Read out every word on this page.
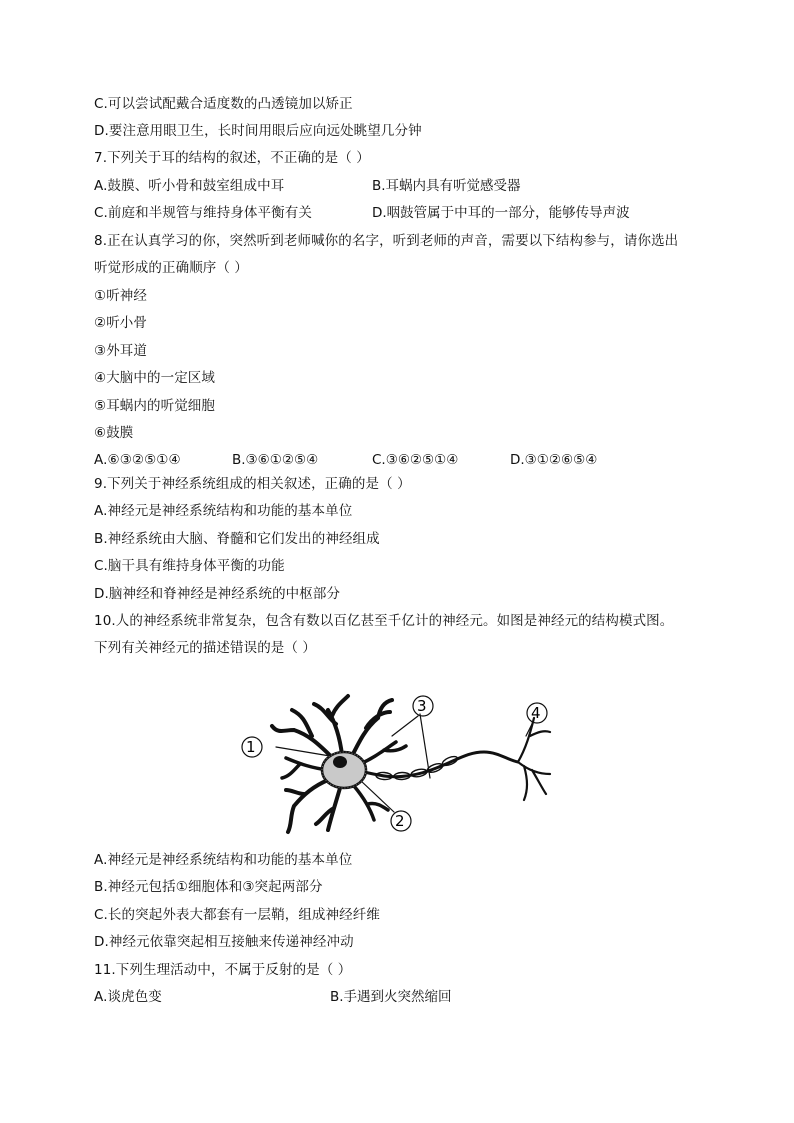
C.可以尝试配戴合适度数的凸透镜加以矫正
D.要注意用眼卫生，长时间用眼后应向远处眺望几分钟
7.下列关于耳的结构的叙述，不正确的是（ ）
A.鼓膜、听小骨和鼓室组成中耳	B.耳蜗内具有听觉感受器
C.前庭和半规管与维持身体平衡有关	D.咽鼓管属于中耳的一部分，能够传导声波
8.正在认真学习的你，突然听到老师喊你的名字，听到老师的声音，需要以下结构参与，请你选出
听觉形成的正确顺序（ ）
①听神经
②听小骨
③外耳道
④大脑中的一定区域
⑤耳蜗内的听觉细胞
⑥鼓膜
A.⑥③②⑤①④	B.③⑥①②⑤④	C.③⑥②⑤①④	D.③①②⑥⑤④
9.下列关于神经系统组成的相关叙述，正确的是（ ）
A.神经元是神经系统结构和功能的基本单位
B.神经系统由大脑、脊髓和它们发出的神经组成
C.脑干具有维持身体平衡的功能
D.脑神经和脊神经是神经系统的中枢部分
10.人的神经系统非常复杂，包含有数以百亿甚至千亿计的神经元。如图是神经元的结构模式图。
下列有关神经元的描述错误的是（ ）
1
2
3	4
A.神经元是神经系统结构和功能的基本单位
B.神经元包括①细胞体和③突起两部分
C.长的突起外表大都套有一层鞘，组成神经纤维
D.神经元依靠突起相互接触来传递神经冲动
11.下列生理活动中，不属于反射的是（ ）
A.谈虎色变	B.手遇到火突然缩回
